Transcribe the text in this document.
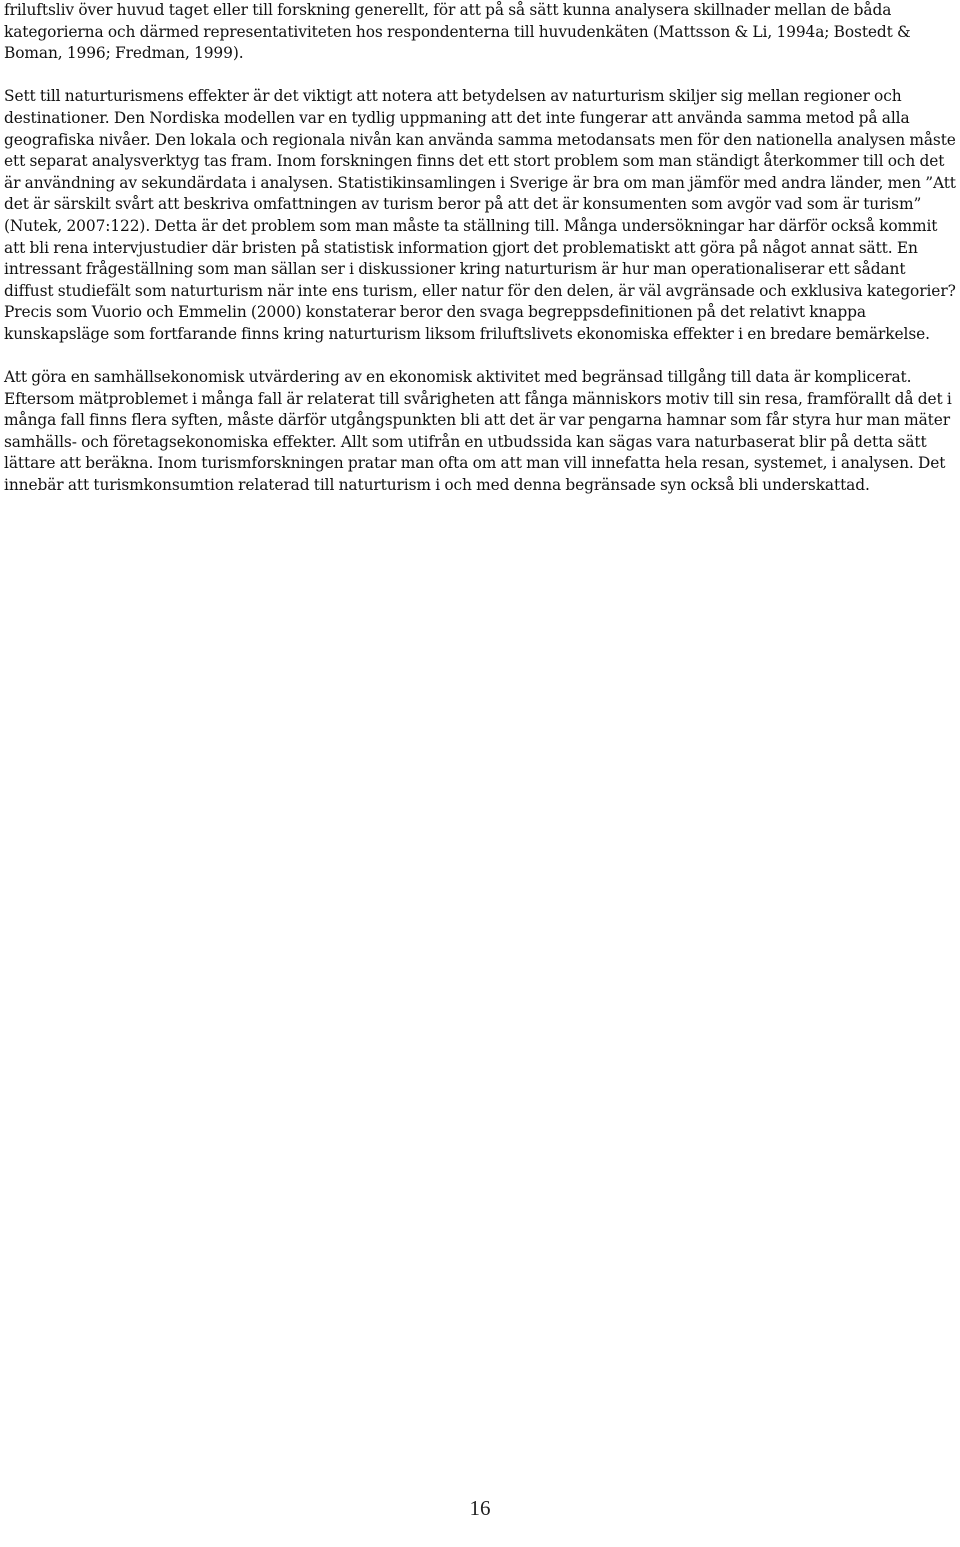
friluftsliv över huvud taget eller till forskning generellt, för att på så sätt kunna analysera skillnader mellan de båda kategorierna och därmed representativiteten hos respondenterna till huvudenkäten (Mattsson & Li, 1994a; Bostedt & Boman, 1996; Fredman, 1999).

Sett till naturturismens effekter är det viktigt att notera att betydelsen av naturturism skiljer sig mellan regioner och destinationer. Den Nordiska modellen var en tydlig uppmaning att det inte fungerar att använda samma metod på alla geografiska nivåer. Den lokala och regionala nivån kan använda samma metodansats men för den nationella analysen måste ett separat analysverktyg tas fram. Inom forskningen finns det ett stort problem som man ständigt återkommer till och det är användning av sekundärdata i analysen. Statistikinsamlingen i Sverige är bra om man jämför med andra länder, men ”Att det är särskilt svårt att beskriva omfattningen av turism beror på att det är konsumenten som avgör vad som är turism” (Nutek, 2007:122). Detta är det problem som man måste ta ställning till. Många undersökningar har därför också kommit att bli rena intervjustudier där bristen på statistisk information gjort det problematiskt att göra på något annat sätt. En intressant frågeställning som man sällan ser i diskussioner kring naturturism är hur man operationaliserar ett sådant diffust studiefält som naturturism när inte ens turism, eller natur för den delen, är väl avgränsade och exklusiva kategorier? Precis som Vuorio och Emmelin (2000) konstaterar beror den svaga begreppsdefinitionen på det relativt knappa kunskapsläge som fortfarande finns kring naturturism liksom friluftslivets ekonomiska effekter i en bredare bemärkelse.

Att göra en samhällsekonomisk utvärdering av en ekonomisk aktivitet med begränsad tillgång till data är komplicerat. Eftersom mätproblemet i många fall är relaterat till svårigheten att fånga människors motiv till sin resa, framförallt då det i många fall finns flera syften, måste därför utgångspunkten bli att det är var pengarna hamnar som får styra hur man mäter samhälls- och företagsekonomiska effekter. Allt som utifrån en utbudssida kan sägas vara naturbaserat blir på detta sätt lättare att beräkna. Inom turismforskningen pratar man ofta om att man vill innefatta hela resan, systemet, i analysen. Det innebär att turismkonsumtion relaterad till naturturism i och med denna begränsade syn också bli underskattad.

16
